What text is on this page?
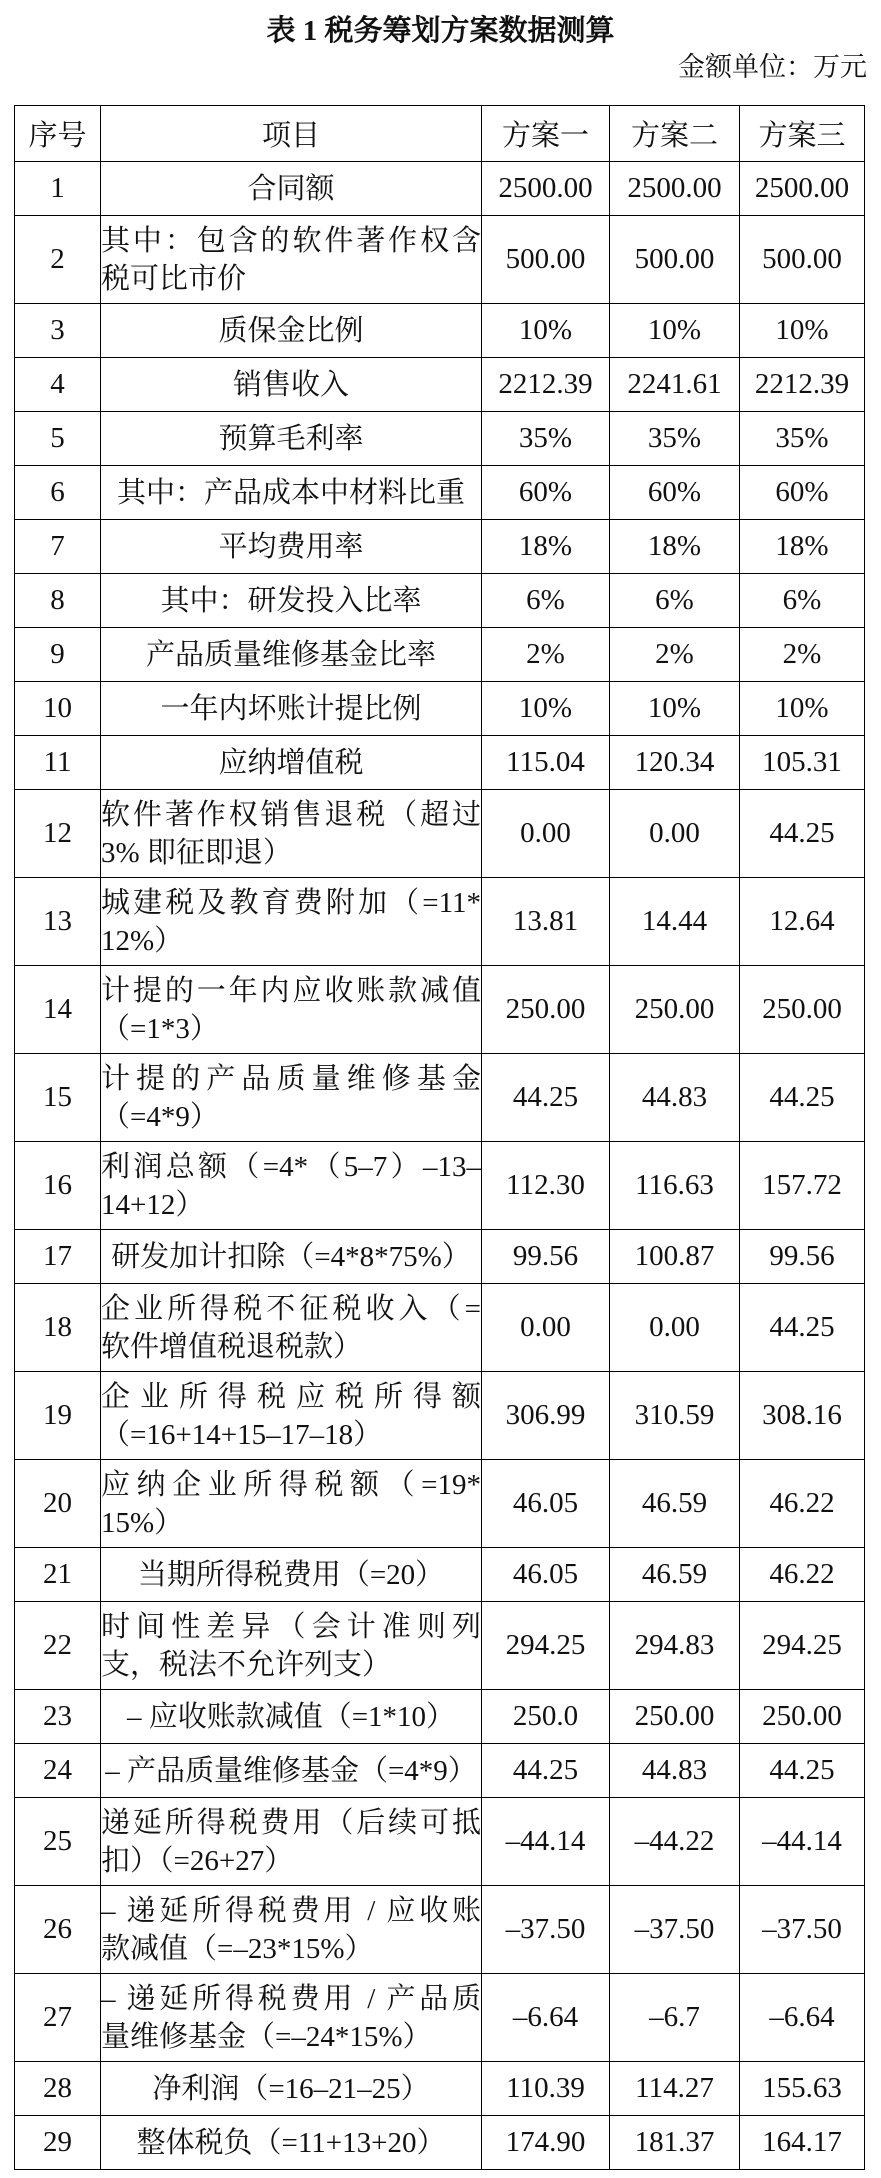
表 1 税务筹划方案数据测算
金额单位：万元
序号	项目	方案一	方案二	方案三
1	合同额	2500.00	2500.00	2500.00
2	其中：包含的软件著作权含
税可比市价	500.00	500.00	500.00
3	质保金比例	10%	10%	10%
4	销售收入	2212.39	2241.61	2212.39
5	预算毛利率	35%	35%	35%
6	其中：产品成本中材料比重	60%	60%	60%
7	平均费用率	18%	18%	18%
8	其中：研发投入比率	6%	6%	6%
9	产品质量维修基金比率	2%	2%	2%
10	一年内坏账计提比例	10%	10%	10%
11	应纳增值税	115.04	120.34	105.31
12	软件著作权销售退税（超过
3% 即征即退）	0.00	0.00	44.25
13	城建税及教育费附加（=11*
12%）	13.81	14.44	12.64
14	计提的一年内应收账款减值
（=1*3）	250.00	250.00	250.00
15	计提的产品质量维修基金
（=4*9）	44.25	44.83	44.25
16	利润总额（=4*（5–7）–13–
14+12）	112.30	116.63	157.72
17	研发加计扣除（=4*8*75%）	99.56	100.87	99.56
18	企业所得税不征税收入（=
软件增值税退税款）	0.00	0.00	44.25
19	企业所得税应税所得额
（=16+14+15–17–18）	306.99	310.59	308.16
20	应纳企业所得税额（=19*
15%）	46.05	46.59	46.22
21	当期所得税费用（=20）	46.05	46.59	46.22
22	时间性差异（会计准则列
支，税法不允许列支）	294.25	294.83	294.25
23	– 应收账款减值（=1*10）	250.0	250.00	250.00
24	– 产品质量维修基金（=4*9）	44.25	44.83	44.25
25	递延所得税费用（后续可抵
扣）（=26+27）	–44.14	–44.22	–44.14
26	– 递延所得税费用 / 应收账
款减值（=–23*15%）	–37.50	–37.50	–37.50
27	– 递延所得税费用 / 产品质
量维修基金（=–24*15%）	–6.64	–6.7	–6.64
28	净利润（=16–21–25）	110.39	114.27	155.63
29	整体税负（=11+13+20）	174.90	181.37	164.17
